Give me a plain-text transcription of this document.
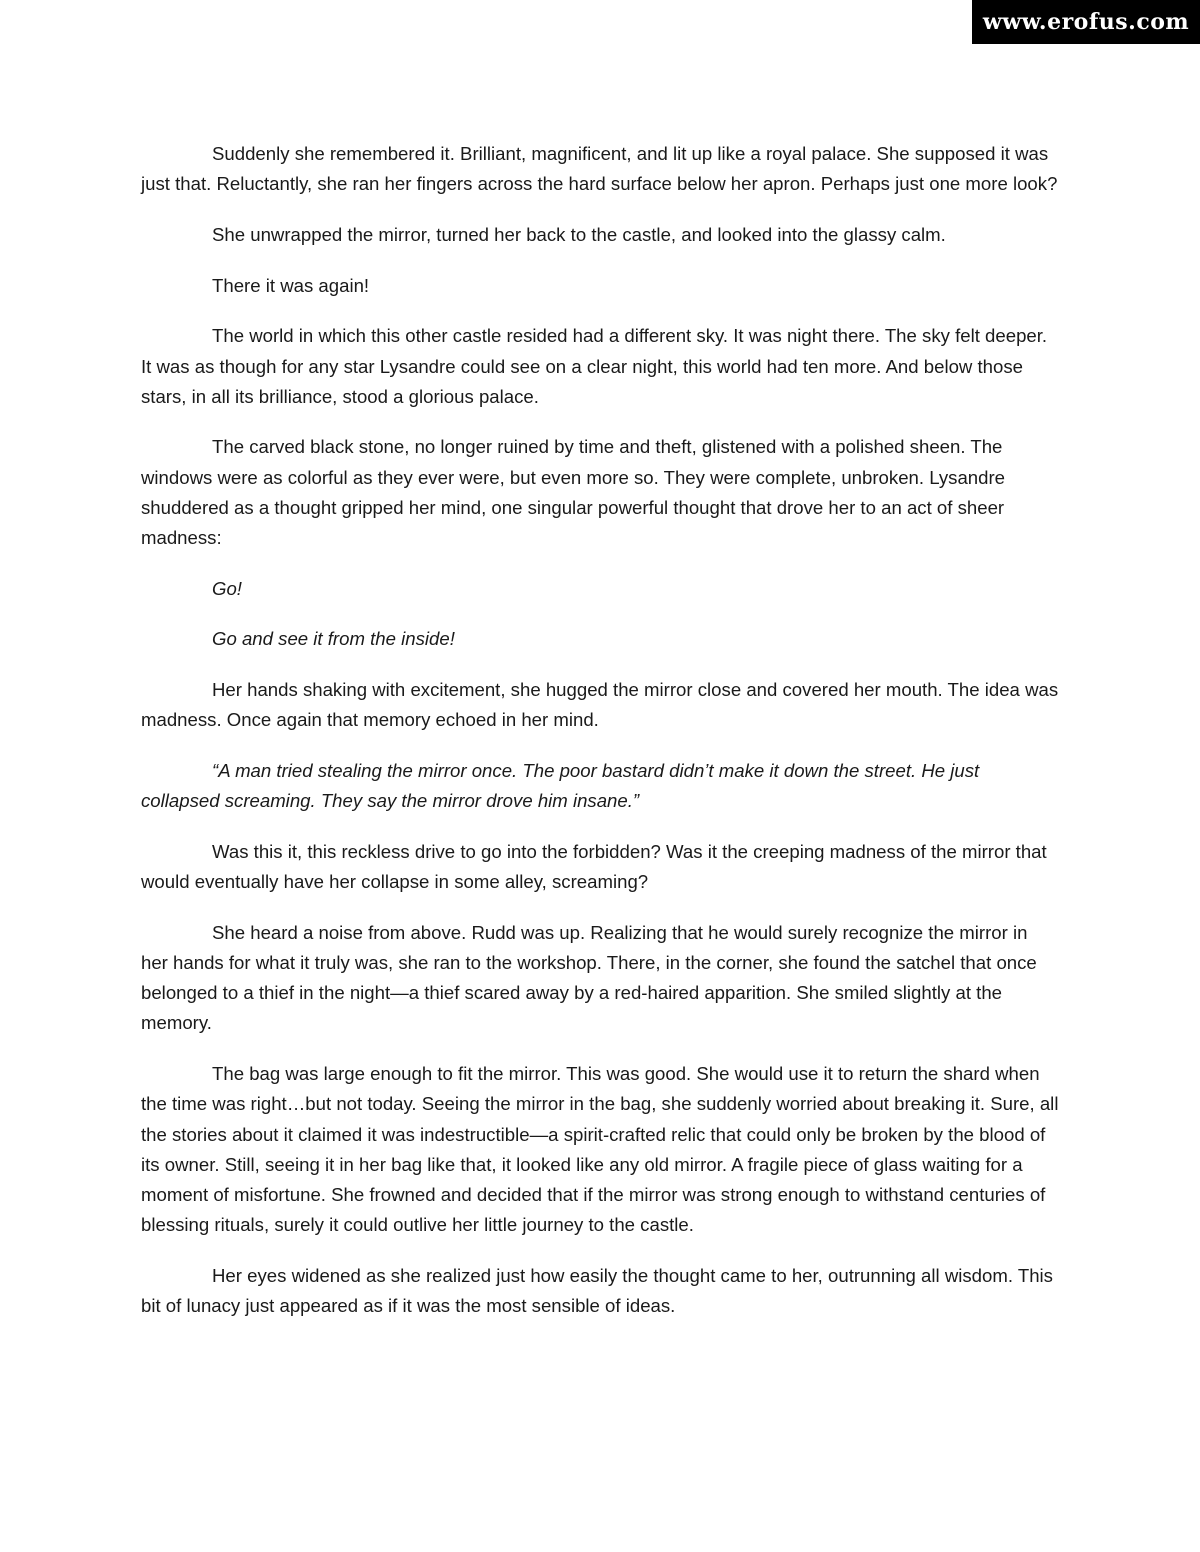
www.erofus.com

Suddenly she remembered it. Brilliant, magnificent, and lit up like a royal palace. She supposed it was just that. Reluctantly, she ran her fingers across the hard surface below her apron. Perhaps just one more look?

She unwrapped the mirror, turned her back to the castle, and looked into the glassy calm.

There it was again!

The world in which this other castle resided had a different sky. It was night there. The sky felt deeper. It was as though for any star Lysandre could see on a clear night, this world had ten more. And below those stars, in all its brilliance, stood a glorious palace.

The carved black stone, no longer ruined by time and theft, glistened with a polished sheen. The windows were as colorful as they ever were, but even more so. They were complete, unbroken. Lysandre shuddered as a thought gripped her mind, one singular powerful thought that drove her to an act of sheer madness:

Go!

Go and see it from the inside!

Her hands shaking with excitement, she hugged the mirror close and covered her mouth. The idea was madness. Once again that memory echoed in her mind.

“A man tried stealing the mirror once. The poor bastard didn’t make it down the street. He just collapsed screaming. They say the mirror drove him insane.”

Was this it, this reckless drive to go into the forbidden? Was it the creeping madness of the mirror that would eventually have her collapse in some alley, screaming?

She heard a noise from above. Rudd was up. Realizing that he would surely recognize the mirror in her hands for what it truly was, she ran to the workshop. There, in the corner, she found the satchel that once belonged to a thief in the night—a thief scared away by a red-haired apparition. She smiled slightly at the memory.

The bag was large enough to fit the mirror. This was good. She would use it to return the shard when the time was right…but not today. Seeing the mirror in the bag, she suddenly worried about breaking it. Sure, all the stories about it claimed it was indestructible—a spirit-crafted relic that could only be broken by the blood of its owner. Still, seeing it in her bag like that, it looked like any old mirror. A fragile piece of glass waiting for a moment of misfortune. She frowned and decided that if the mirror was strong enough to withstand centuries of blessing rituals, surely it could outlive her little journey to the castle.

Her eyes widened as she realized just how easily the thought came to her, outrunning all wisdom. This bit of lunacy just appeared as if it was the most sensible of ideas.
